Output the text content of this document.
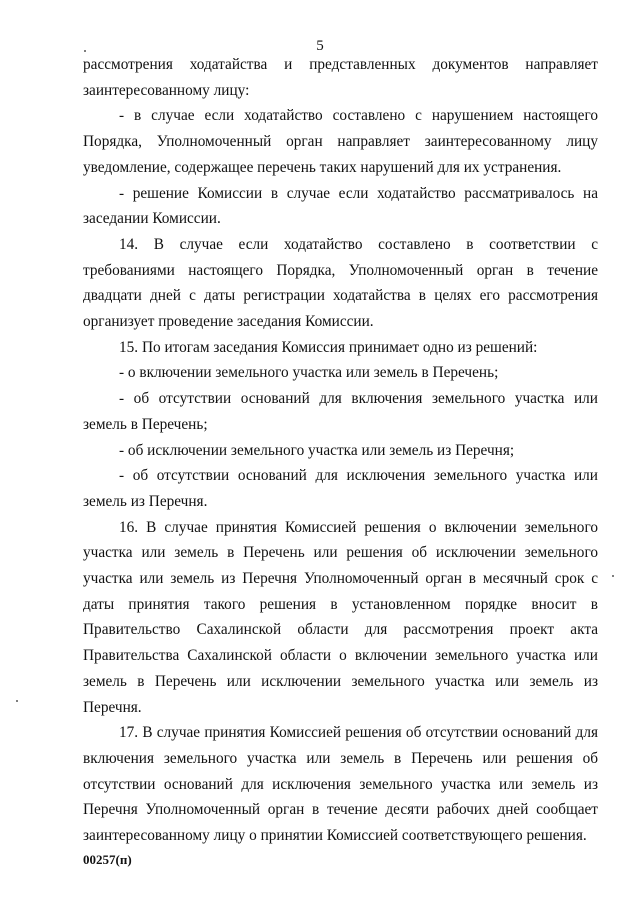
5

рассмотрения ходатайства и представленных документов направляет заинтересованному лицу:

- в случае если ходатайство составлено с нарушением настоящего Порядка, Уполномоченный орган направляет заинтересованному лицу уведомление, содержащее перечень таких нарушений для их устранения.

- решение Комиссии в случае если ходатайство рассматривалось на заседании Комиссии.

14. В случае если ходатайство составлено в соответствии с требованиями настоящего Порядка, Уполномоченный орган в течение двадцати дней с даты регистрации ходатайства в целях его рассмотрения организует проведение заседания Комиссии.

15. По итогам заседания Комиссия принимает одно из решений:

- о включении земельного участка или земель в Перечень;

- об отсутствии оснований для включения земельного участка или земель в Перечень;

- об исключении земельного участка или земель из Перечня;

- об отсутствии оснований для исключения земельного участка или земель из Перечня.

16. В случае принятия Комиссией решения о включении земельного участка или земель в Перечень или решения об исключении земельного участка или земель из Перечня Уполномоченный орган в месячный срок с даты принятия такого решения в установленном порядке вносит в Правительство Сахалинской области для рассмотрения проект акта Правительства Сахалинской области о включении земельного участка или земель в Перечень или исключении земельного участка или земель из Перечня.

17. В случае принятия Комиссией решения об отсутствии оснований для включения земельного участка или земель в Перечень или решения об отсутствии оснований для исключения земельного участка или земель из Перечня Уполномоченный орган в течение десяти рабочих дней сообщает заинтересованному лицу о принятии Комиссией соответствующего решения.

00257(п)
